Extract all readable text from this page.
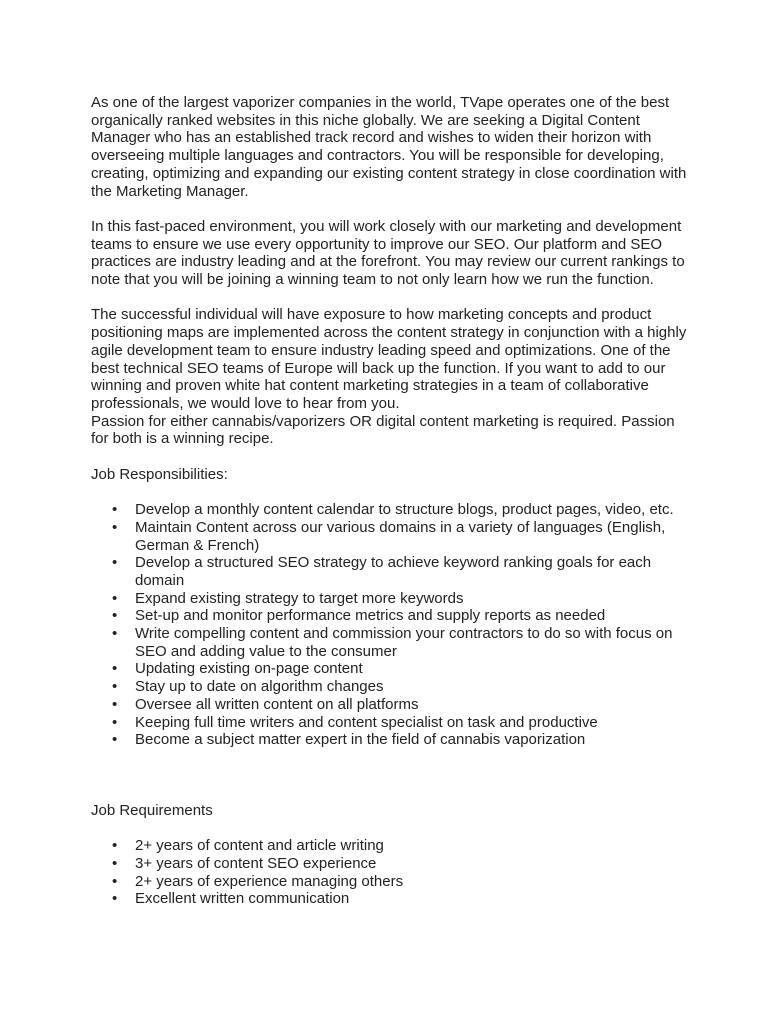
As one of the largest vaporizer companies in the world, TVape operates one of the best organically ranked websites in this niche globally. We are seeking a Digital Content Manager who has an established track record and wishes to widen their horizon with overseeing multiple languages and contractors. You will be responsible for developing, creating, optimizing and expanding our existing content strategy in close coordination with the Marketing Manager.

In this fast-paced environment, you will work closely with our marketing and development teams to ensure we use every opportunity to improve our SEO. Our platform and SEO practices are industry leading and at the forefront. You may review our current rankings to note that you will be joining a winning team to not only learn how we run the function.

The successful individual will have exposure to how marketing concepts and product positioning maps are implemented across the content strategy in conjunction with a highly agile development team to ensure industry leading speed and optimizations. One of the best technical SEO teams of Europe will back up the function. If you want to add to our winning and proven white hat content marketing strategies in a team of collaborative professionals, we would love to hear from you.

Passion for either cannabis/vaporizers OR digital content marketing is required. Passion for both is a winning recipe.

Job Responsibilities:

• Develop a monthly content calendar to structure blogs, product pages, video, etc.
• Maintain Content across our various domains in a variety of languages (English, German & French)
• Develop a structured SEO strategy to achieve keyword ranking goals for each domain
• Expand existing strategy to target more keywords
• Set-up and monitor performance metrics and supply reports as needed
• Write compelling content and commission your contractors to do so with focus on SEO and adding value to the consumer
• Updating existing on-page content
• Stay up to date on algorithm changes
• Oversee all written content on all platforms
• Keeping full time writers and content specialist on task and productive
• Become a subject matter expert in the field of cannabis vaporization

Job Requirements

• 2+ years of content and article writing
• 3+ years of content SEO experience
• 2+ years of experience managing others
• Excellent written communication
